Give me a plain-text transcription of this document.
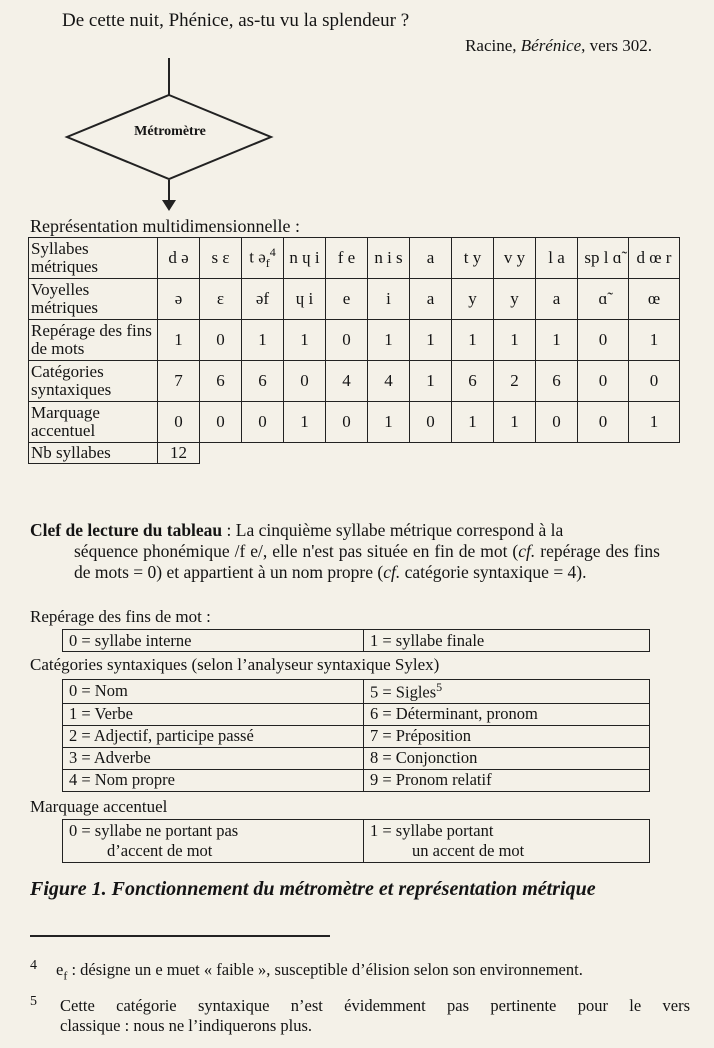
De cette nuit, Phénice, as-tu vu la splendeur ?
Racine, Bérénice, vers 302.
Métromètre
Représentation multidimensionnelle :
Syllabes métriques	d ə	s ɛ	t ə$_f^4$	n ɥ i	f e	n i s	a	t y	v y	l a	sp l ɑ̃	d œ r
Voyelles métriques	ə	ɛ	əf	ɥ i	e	i	a	y	y	a	ɑ̃	œ
Repérage des fins de mots	1	0	1	1	0	1	1	1	1	1	0	1
Catégories syntaxiques	7	6	6	0	4	4	1	6	2	6	0	0
Marquage accentuel	0	0	0	1	0	1	0	1	1	0	0	1
Nb syllabes	12											
Clef de lecture du tableau : La cinquième syllabe métrique correspond à la
séquence phonémique /f e/, elle n'est pas située en fin de mot (cf. repérage des fins de mots = 0) et appartient à un nom propre (cf. catégorie syntaxique = 4).
Repérage des fins de mot :
0 = syllabe interne	1 = syllabe finale
Catégories syntaxiques (selon l’analyseur syntaxique Sylex)
0 = Nom	5 = Sigles$^5$
1 = Verbe	6 = Déterminant, pronom
2 = Adjectif, participe passé	7 = Préposition
3 = Adverbe	8 = Conjonction
4 = Nom propre	9 = Pronom relatif
Marquage accentuel
0 = syllabe ne portant pas
d’accent de mot

1 = syllabe portant
un accent de mot
Figure 1. Fonctionnement du métromètre et représentation métrique
4 $e_f$ : désigne un e muet « faible », susceptible d’élision selon son environnement.
5	Cette catégorie syntaxique n’est évidemment pas pertinente pour le vers
classique : nous ne l’indiquerons plus.
